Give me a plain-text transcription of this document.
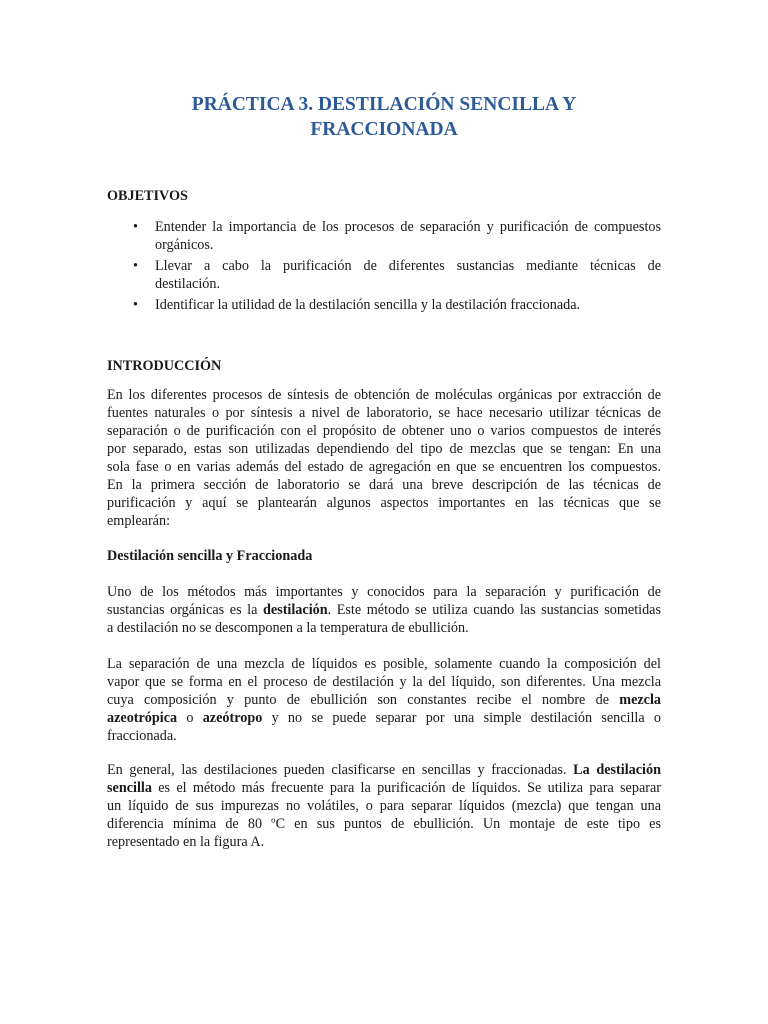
PRÁCTICA 3. DESTILACIÓN SENCILLA Y
FRACCIONADA
OBJETIVOS
• Entender la importancia de los procesos de separación y purificación de compuestos
orgánicos.
• Llevar a cabo la purificación de diferentes sustancias mediante técnicas de
destilación.
• Identificar la utilidad de la destilación sencilla y la destilación fraccionada.
INTRODUCCIÓN
En los diferentes procesos de síntesis de obtención de moléculas orgánicas por extracción de
fuentes naturales o por síntesis a nivel de laboratorio, se hace necesario utilizar técnicas de
separación o de purificación con el propósito de obtener uno o varios compuestos de interés
por separado, estas son utilizadas dependiendo del tipo de mezclas que se tengan: En una
sola fase o en varias además del estado de agregación en que se encuentren los compuestos.
En la primera sección de laboratorio se dará una breve descripción de las técnicas de
purificación y aquí se plantearán algunos aspectos importantes en las técnicas que se
emplearán:
Destilación sencilla y Fraccionada
Uno de los métodos más importantes y conocidos para la separación y purificación de
sustancias orgánicas es la destilación. Este método se utiliza cuando las sustancias sometidas
a destilación no se descomponen a la temperatura de ebullición.
La separación de una mezcla de líquidos es posible, solamente cuando la composición del
vapor que se forma en el proceso de destilación y la del líquido, son diferentes. Una mezcla
cuya composición y punto de ebullición son constantes recibe el nombre de mezcla
azeotrópica o azeótropo y no se puede separar por una simple destilación sencilla o
fraccionada.
En general, las destilaciones pueden clasificarse en sencillas y fraccionadas. La destilación
sencilla es el método más frecuente para la purificación de líquidos. Se utiliza para separar
un líquido de sus impurezas no volátiles, o para separar líquidos (mezcla) que tengan una
diferencia mínima de 80 ºC en sus puntos de ebullición. Un montaje de este tipo es
representado en la figura A.
